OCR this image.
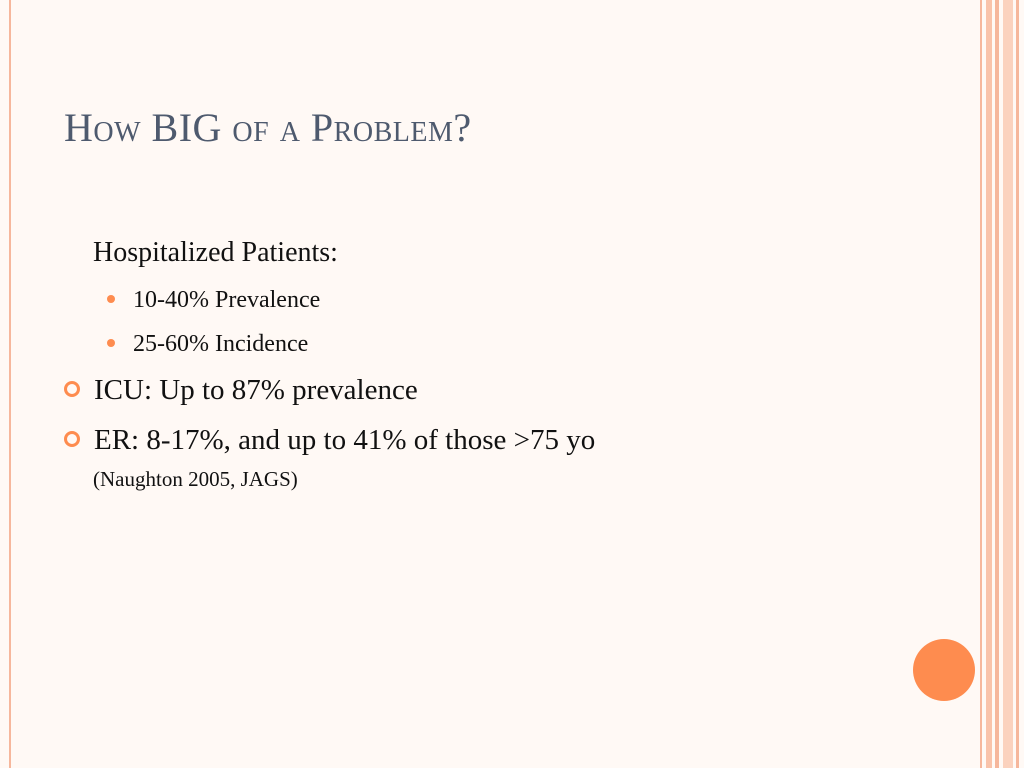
How BIG of a Problem?
Hospitalized Patients:
10-40% Prevalence
25-60% Incidence
ICU: Up to 87% prevalence
ER: 8-17%, and up to 41% of those >75 yo
(Naughton 2005, JAGS)
